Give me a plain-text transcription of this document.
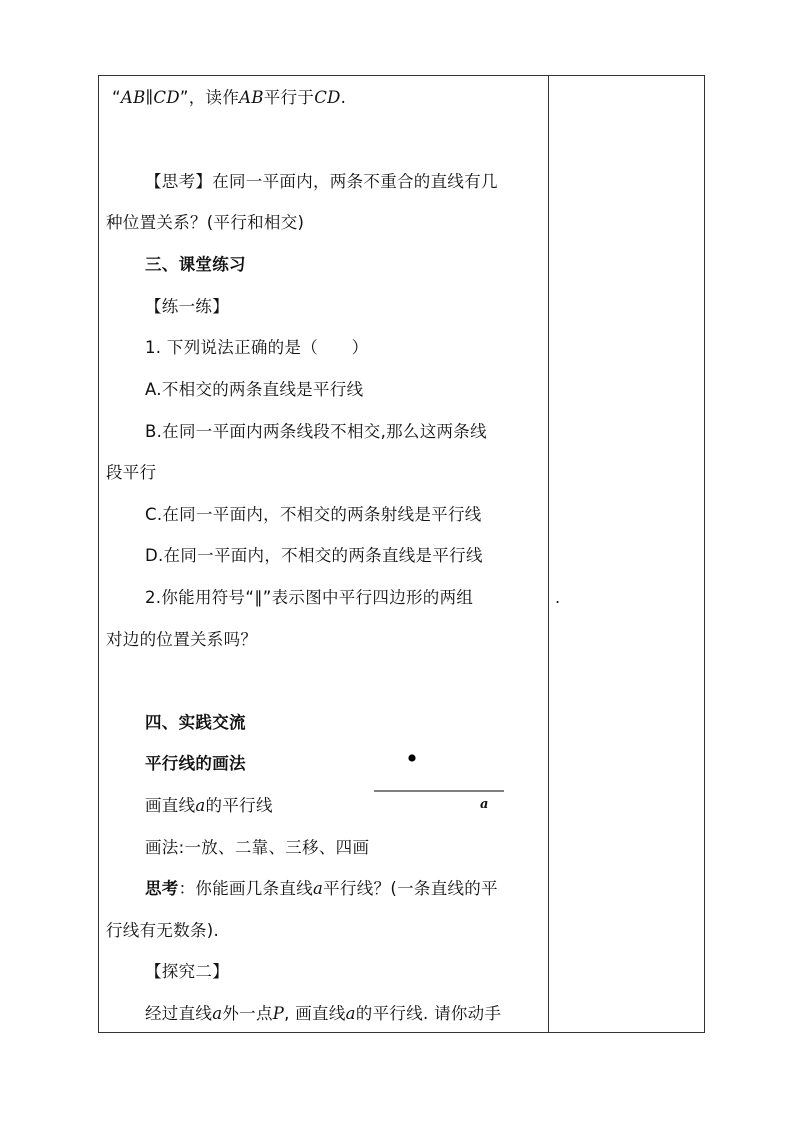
“AB∥CD”，读作AB平行于CD.
【思考】在同一平面内，两条不重合的直线有几
种位置关系？(平行和相交)
三、课堂练习
【练一练】
1. 下列说法正确的是（　　）
A.不相交的两条直线是平行线
B.在同一平面内两条线段不相交,那么这两条线
段平行
C.在同一平面内，不相交的两条射线是平行线
D.在同一平面内，不相交的两条直线是平行线
2.你能用符号“∥”表示图中平行四边形的两组
对边的位置关系吗？
.
四、实践交流
平行线的画法
a
画直线a的平行线
画法:一放、二靠、三移、四画
思考：你能画几条直线a平行线？(一条直线的平
行线有无数条).
【探究二】
经过直线a外一点P, 画直线a的平行线. 请你动手
